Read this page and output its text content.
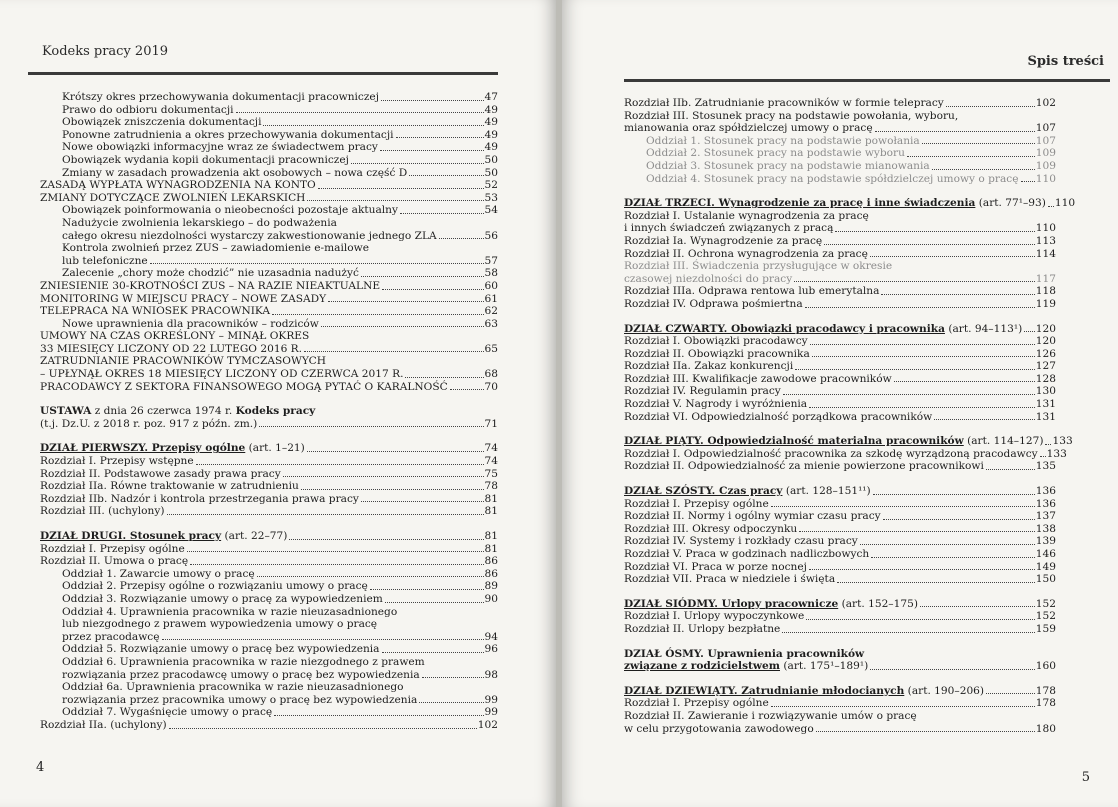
Kodeks pracy 2019
Krótszy okres przechowywania dokumentacji pracowniczej	47
Prawo do odbioru dokumentacji	49
Obowiązek zniszczenia dokumentacji	49
Ponowne zatrudnienia a okres przechowywania dokumentacji	49
Nowe obowiązki informacyjne wraz ze świadectwem pracy	49
Obowiązek wydania kopii dokumentacji pracowniczej	50
Zmiany w zasadach prowadzenia akt osobowych – nowa część D	50
ZASADĄ WYPŁATA WYNAGRODZENIA NA KONTO	52
ZMIANY DOTYCZĄCE ZWOLNIEŃ LEKARSKICH	53
Obowiązek poinformowania o nieobecności pozostaje aktualny	54
Nadużycie zwolnienia lekarskiego – do podważenia
całego okresu niezdolności wystarczy zakwestionowanie jednego ZLA	56
Kontrola zwolnień przez ZUS – zawiadomienie e-mailowe
lub telefoniczne	57
Zalecenie „chory może chodzić” nie uzasadnia nadużyć	58
ZNIESIENIE 30-KROTNOŚCI ZUS – NA RAZIE NIEAKTUALNE	60
MONITORING W MIEJSCU PRACY – NOWE ZASADY	61
TELEPRACA NA WNIOSEK PRACOWNIKA	62
Nowe uprawnienia dla pracowników – rodziców	63
UMOWY NA CZAS OKREŚLONY – MINĄŁ OKRES
33 MIESIĘCY LICZONY OD 22 LUTEGO 2016 R.	65
ZATRUDNIANIE PRACOWNIKÓW TYMCZASOWYCH
– UPŁYNĄŁ OKRES 18 MIESIĘCY LICZONY OD CZERWCA 2017 R.	68
PRACODAWCY Z SEKTORA FINANSOWEGO MOGĄ PYTAĆ O KARALNOŚĆ	70
USTAWA z dnia 26 czerwca 1974 r. Kodeks pracy
(t.j. Dz.U. z 2018 r. poz. 917 z późn. zm.)	71
DZIAŁ PIERWSZY. Przepisy ogólne (art. 1–21)	74
Rozdział I. Przepisy wstępne	74
Rozdział II. Podstawowe zasady prawa pracy	75
Rozdział IIa. Równe traktowanie w zatrudnieniu	78
Rozdział IIb. Nadzór i kontrola przestrzegania prawa pracy	81
Rozdział III. (uchylony)	81
DZIAŁ DRUGI. Stosunek pracy (art. 22–77)	81
Rozdział I. Przepisy ogólne	81
Rozdział II. Umowa o pracę	86
Oddział 1. Zawarcie umowy o pracę	86
Oddział 2. Przepisy ogólne o rozwiązaniu umowy o pracę	89
Oddział 3. Rozwiązanie umowy o pracę za wypowiedzeniem	90
Oddział 4. Uprawnienia pracownika w razie nieuzasadnionego
lub niezgodnego z prawem wypowiedzenia umowy o pracę
przez pracodawcę	94
Oddział 5. Rozwiązanie umowy o pracę bez wypowiedzenia	96
Oddział 6. Uprawnienia pracownika w razie niezgodnego z prawem
rozwiązania przez pracodawcę umowy o pracę bez wypowiedzenia	98
Oddział 6a. Uprawnienia pracownika w razie nieuzasadnionego
rozwiązania przez pracownika umowy o pracę bez wypowiedzenia	99
Oddział 7. Wygaśnięcie umowy o pracę	99
Rozdział IIa. (uchylony)	102
4
Spis treści
Rozdział IIb. Zatrudnianie pracowników w formie telepracy	102
Rozdział III. Stosunek pracy na podstawie powołania, wyboru,
mianowania oraz spółdzielczej umowy o pracę	107
Oddział 1. Stosunek pracy na podstawie powołania	107
Oddział 2. Stosunek pracy na podstawie wyboru	109
Oddział 3. Stosunek pracy na podstawie mianowania	109
Oddział 4. Stosunek pracy na podstawie spółdzielczej umowy o pracę 110
DZIAŁ TRZECI. Wynagrodzenie za pracę i inne świadczenia (art. 77¹–93) 110
Rozdział I. Ustalanie wynagrodzenia za pracę
i innych świadczeń związanych z pracą	110
Rozdział Ia. Wynagrodzenie za pracę	113
Rozdział II. Ochrona wynagrodzenia za pracę	114
Rozdział III. Świadczenia przysługujące w okresie
czasowej niezdolności do pracy	117
Rozdział IIIa. Odprawa rentowa lub emerytalna	118
Rozdział IV. Odprawa pośmiertna	119
DZIAŁ CZWARTY. Obowiązki pracodawcy i pracownika (art. 94–113¹) 120
Rozdział I. Obowiązki pracodawcy	120
Rozdział II. Obowiązki pracownika	126
Rozdział IIa. Zakaz konkurencji	127
Rozdział III. Kwalifikacje zawodowe pracowników	128
Rozdział IV. Regulamin pracy	130
Rozdział V. Nagrody i wyróżnienia	131
Rozdział VI. Odpowiedzialność porządkowa pracowników	131
DZIAŁ PIĄTY. Odpowiedzialność materialna pracowników (art. 114–127) 133
Rozdział I. Odpowiedzialność pracownika za szkodę wyrządzoną pracodawcy 133
Rozdział II. Odpowiedzialność za mienie powierzone pracownikowi	135
DZIAŁ SZÓSTY. Czas pracy (art. 128–151¹¹)	136
Rozdział I. Przepisy ogólne	136
Rozdział II. Normy i ogólny wymiar czasu pracy	137
Rozdział III. Okresy odpoczynku	138
Rozdział IV. Systemy i rozkłady czasu pracy	139
Rozdział V. Praca w godzinach nadliczbowych	146
Rozdział VI. Praca w porze nocnej	149
Rozdział VII. Praca w niedziele i święta	150
DZIAŁ SIÓDMY. Urlopy pracownicze (art. 152–175)	152
Rozdział I. Urlopy wypoczynkowe	152
Rozdział II. Urlopy bezpłatne	159
DZIAŁ ÓSMY. Uprawnienia pracowników
związane z rodzicielstwem (art. 175¹–189¹)	160
DZIAŁ DZIEWIĄTY. Zatrudnianie młodocianych (art. 190–206)	178
Rozdział I. Przepisy ogólne	178
Rozdział II. Zawieranie i rozwiązywanie umów o pracę
w celu przygotowania zawodowego	180
5
